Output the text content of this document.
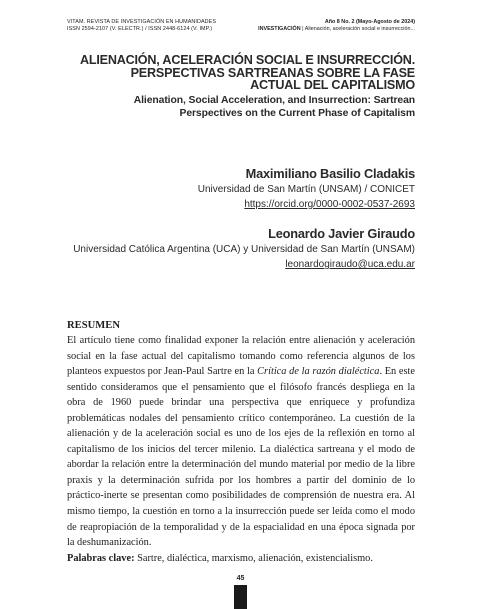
VITAM. REVISTA DE INVESTIGACIÓN EN HUMANIDADES
ISSN 2594-2107 (V. ELECTR.) / ISSN 2448-6124 (V. IMP.)
Año 8 No. 2 (Mayo-Agosto de 2024)
INVESTIGACIÓN | Alienación, aceleración social e insurrección...
ALIENACIÓN, ACELERACIÓN SOCIAL E INSURRECCIÓN.
PERSPECTIVAS SARTREANAS SOBRE LA FASE
ACTUAL DEL CAPITALISMO
Alienation, Social Acceleration, and Insurrection: Sartrean
Perspectives on the Current Phase of Capitalism
Maximiliano Basilio Cladakis
Universidad de San Martín (UNSAM) / CONICET
https://orcid.org/0000-0002-0537-2693
Leonardo Javier Giraudo
Universidad Católica Argentina (UCA) y Universidad de San Martín (UNSAM)
leonardogiraudo@uca.edu.ar

RESUMEN

El artículo tiene como finalidad exponer la relación entre alienación y aceleración social en la fase actual del capitalismo tomando como referencia algunos de los planteos expuestos por Jean-Paul Sartre en la Crítica de la razón dialéctica. En este sentido consideramos que el pensamiento que el filósofo francés despliega en la obra de 1960 puede brindar una perspectiva que enriquece y profundiza problemáticas nodales del pensamiento crítico contemporáneo. La cuestión de la alienación y de la aceleración social es uno de los ejes de la reflexión en torno al capitalismo de los inicios del tercer milenio. La dialéctica sartreana y el modo de abordar la relación entre la determinación del mundo material por medio de la libre praxis y la determinación sufrida por los hombres a partir del dominio de lo práctico-inerte se presentan como posibilidades de comprensión de nuestra era. Al mismo tiempo, la cuestión en torno a la insurrección puede ser leída como el modo de reapropiación de la temporalidad y de la espacialidad en una época signada por la deshumanización.

Palabras clave: Sartre, dialéctica, marxismo, alienación, existencialismo.

45
